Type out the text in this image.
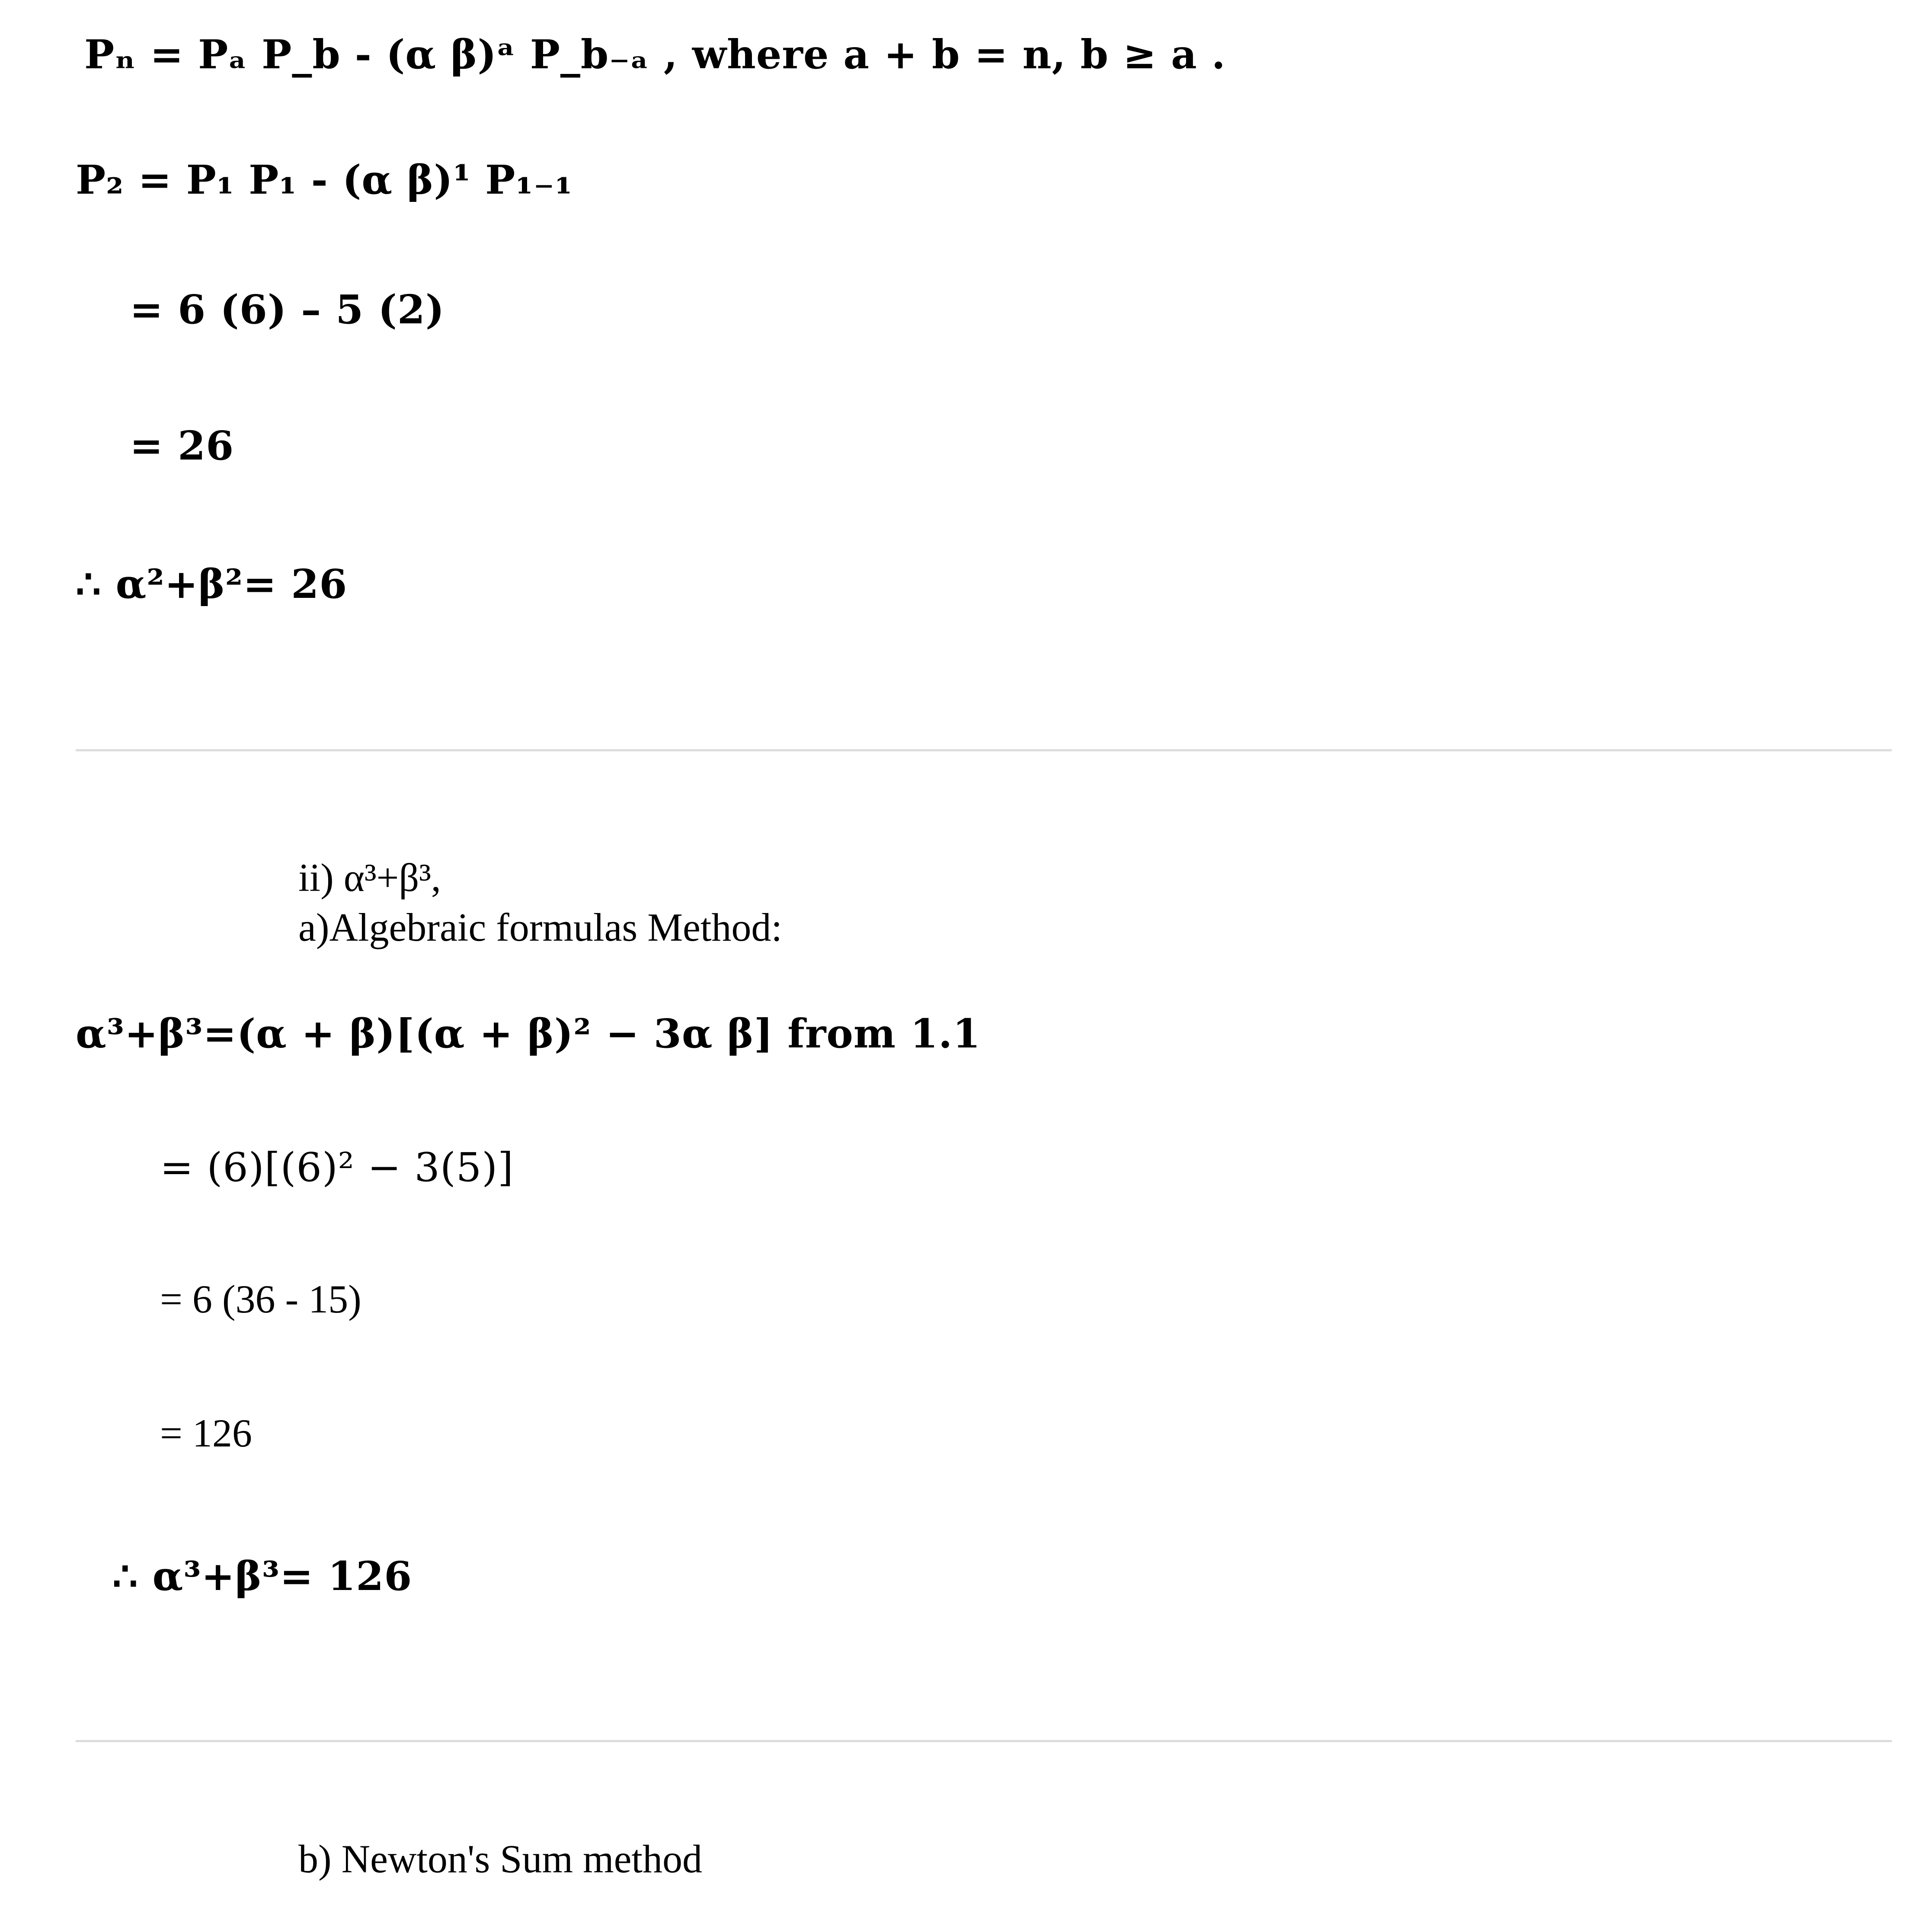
Pₙ = Pₐ P_b - (α β)ᵃ P_b₋ₐ , where a + b = n, b ≥ a .
P₂ = P₁ P₁ - (α β)¹ P₁₋₁
= 6 (6) – 5 (2)
= 26
∴ α²+β²= 26
ii) α³+β³,
a)Algebraic formulas Method:
α³+β³=(α + β)[(α + β)² − 3α β] from 1.1
= (6)[(6)² − 3(5)]
= 6 (36 - 15)
= 126
∴ α³+β³= 126
b) Newton's Sum method
